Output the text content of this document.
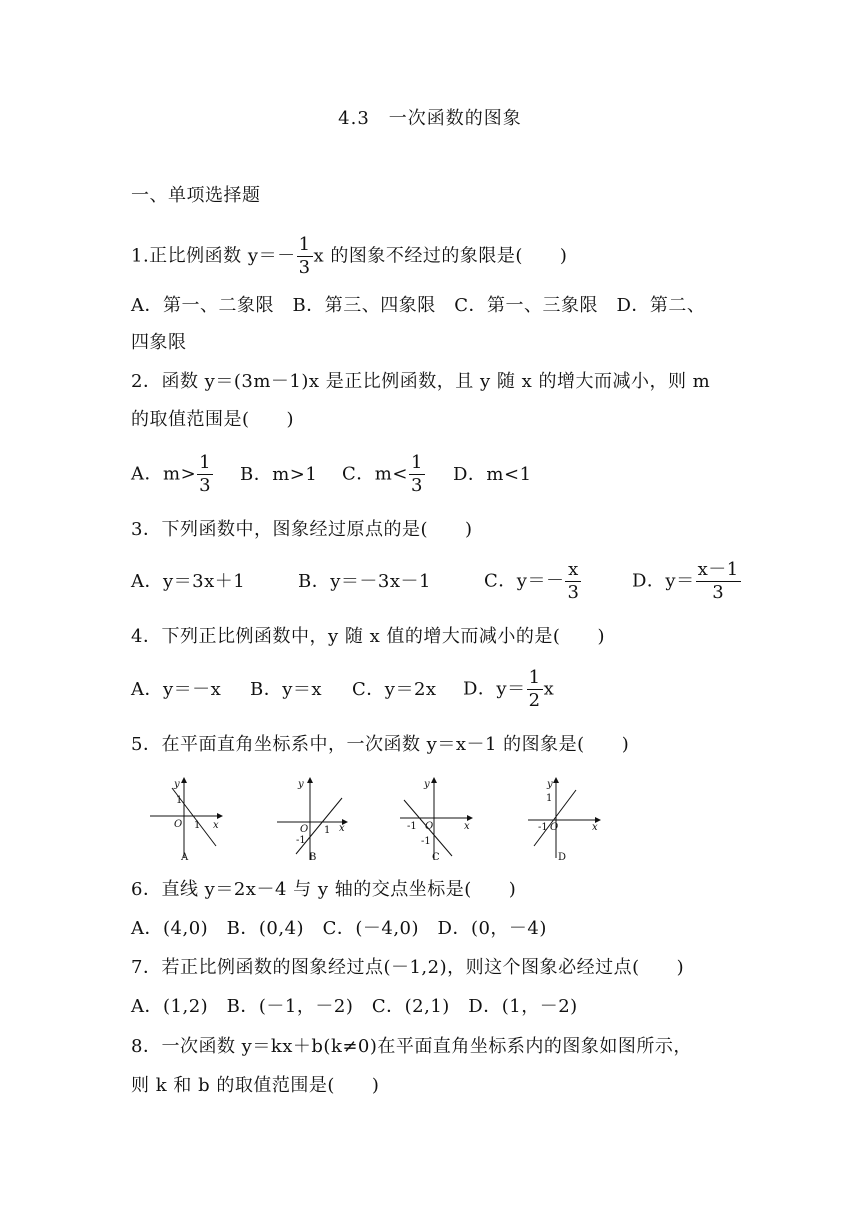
4.3　一次函数的图象
一、单项选择题
1.正比例函数 $y=- \frac{1}{3}$ x 的图象不经过的象限是(　　)
A．第一、二象限　B．第三、四象限　C．第一、三象限　D．第二、
四象限
2．函数 y＝(3m－1)x 是正比例函数，且 y 随 x 的增大而减小，则 m
的取值范围是(　　)
A．$m> \frac{1}{3}$ B．m>1 C．$m< \frac{1}{3}$ D．m<1
3．下列函数中，图象经过原点的是(　　)
A．y＝3x＋1	B．y＝－3x－1	C．$y=- \frac{x}{3}$	D．$y= \frac{x-1}{3}$
4．下列正比例函数中，y 随 x 值的增大而减小的是(　　)
A．y＝－x B．y＝x C．y＝2x D．$y= \frac{1}{2}$ x
5．在平面直角坐标系中，一次函数 y＝x－1 的图象是(　　)
y
x
O 1
1
A
y
x
O 1
-1
B
y
x
O
-1
-1
C
y
x
O
-1
1
D
6．直线 y＝2x－4 与 y 轴的交点坐标是(　　)
A．(4,0)　B．(0,4)　C．(－4,0)　D．(0，－4)
7．若正比例函数的图象经过点(－1,2)，则这个图象必经过点(　　)
A．(1,2)　B．(－1，－2)　C．(2,1)　D．(1，－2)
8．一次函数 y＝kx＋b(k≠0)在平面直角坐标系内的图象如图所示，
则 k 和 b 的取值范围是(　　)
